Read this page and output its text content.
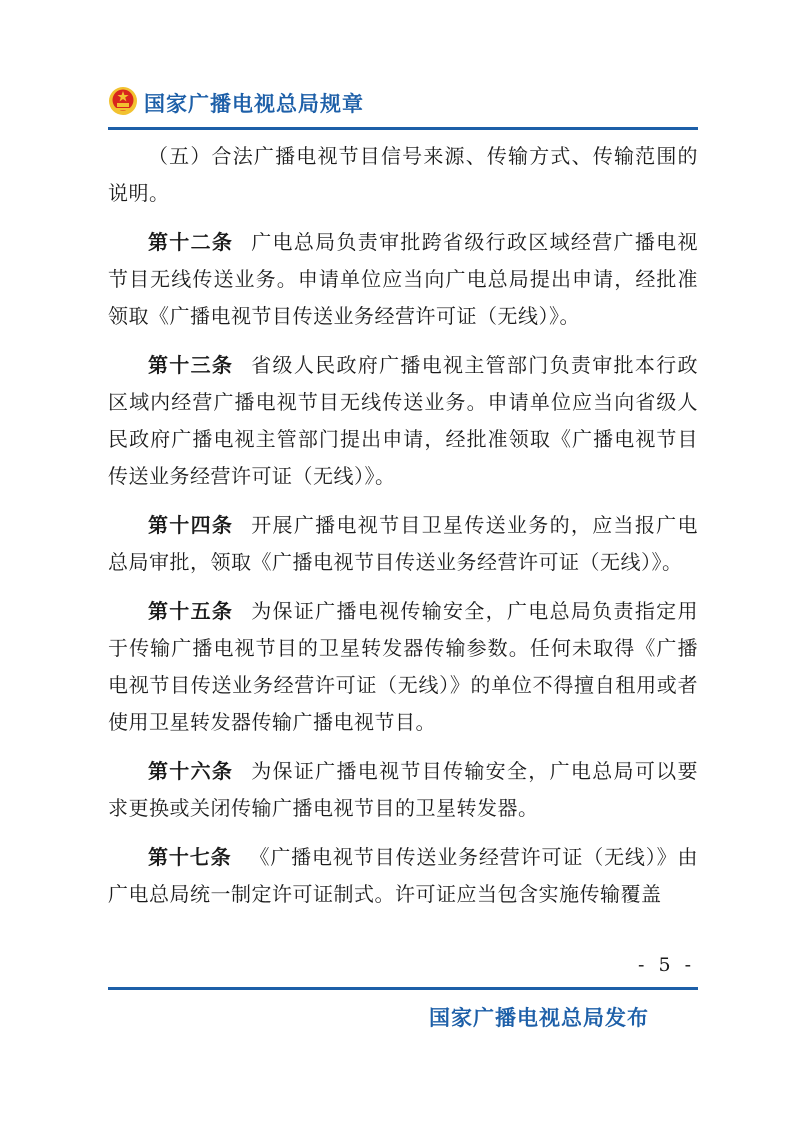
国家广播电视总局规章

（五）合法广播电视节目信号来源、传输方式、传输范围的说明。

第十二条 广电总局负责审批跨省级行政区域经营广播电视节目无线传送业务。申请单位应当向广电总局提出申请，经批准领取《广播电视节目传送业务经营许可证（无线）》。

第十三条 省级人民政府广播电视主管部门负责审批本行政区域内经营广播电视节目无线传送业务。申请单位应当向省级人民政府广播电视主管部门提出申请，经批准领取《广播电视节目传送业务经营许可证（无线）》。

第十四条 开展广播电视节目卫星传送业务的，应当报广电总局审批，领取《广播电视节目传送业务经营许可证（无线）》。

第十五条 为保证广播电视传输安全，广电总局负责指定用于传输广播电视节目的卫星转发器传输参数。任何未取得《广播电视节目传送业务经营许可证（无线）》的单位不得擅自租用或者使用卫星转发器传输广播电视节目。

第十六条 为保证广播电视节目传输安全，广电总局可以要求更换或关闭传输广播电视节目的卫星转发器。

第十七条 《广播电视节目传送业务经营许可证（无线）》由广电总局统一制定许可证制式。许可证应当包含实施传输覆盖

- 5 -
国家广播电视总局发布
